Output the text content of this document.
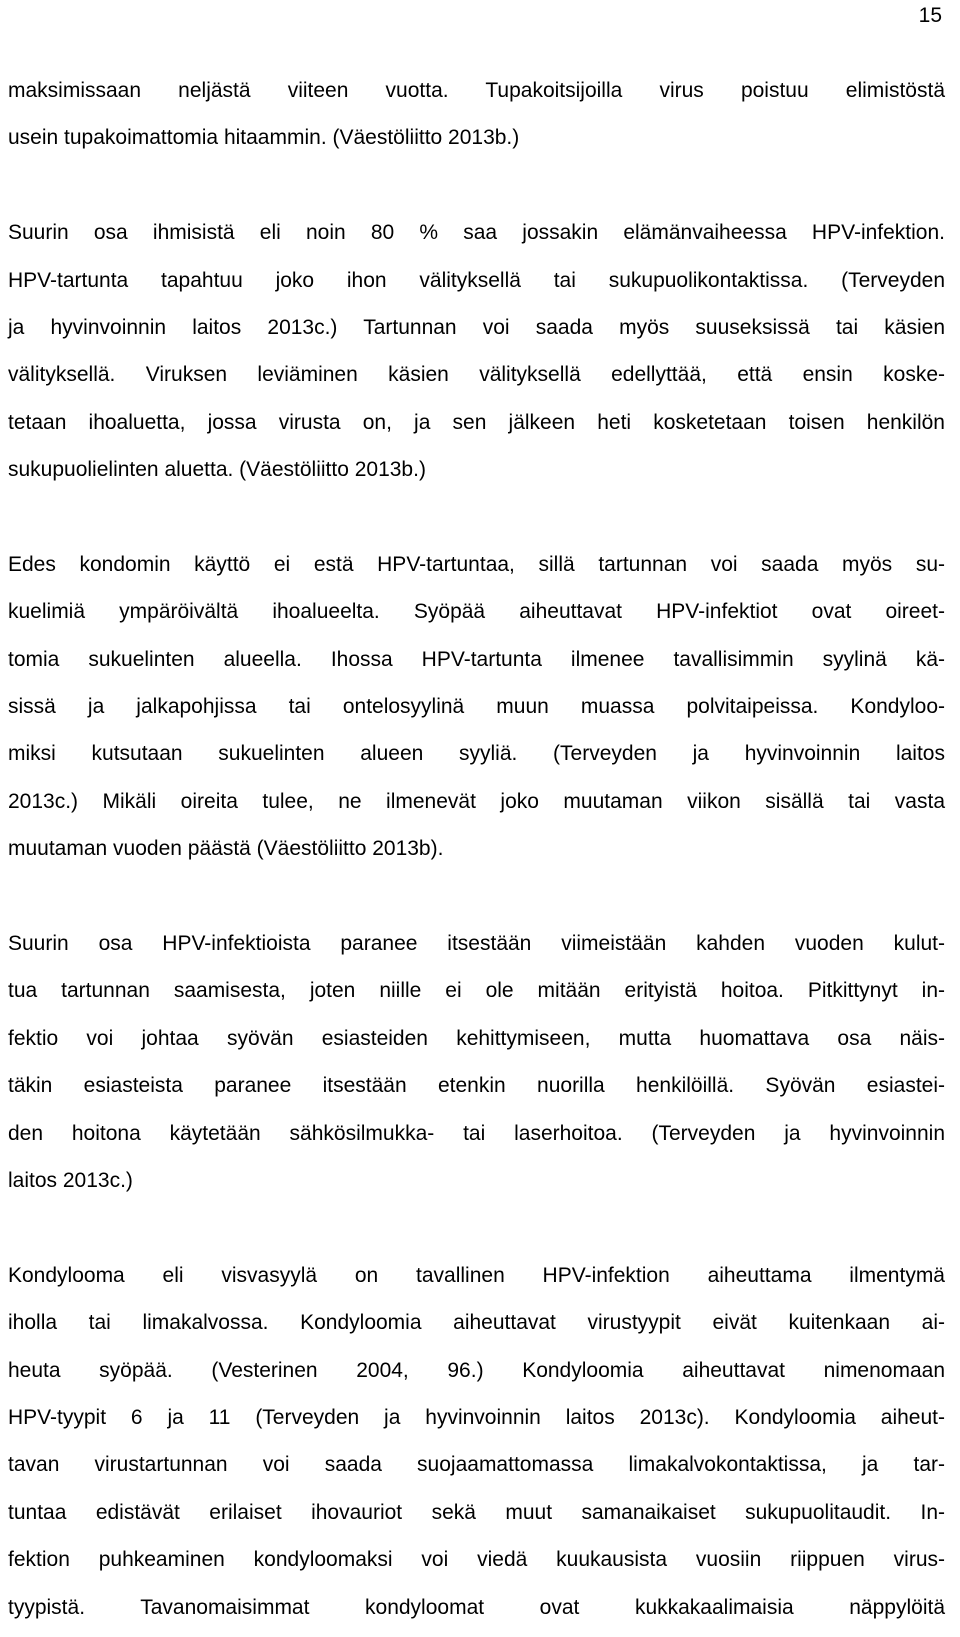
15
maksimissaan neljästä viiteen vuotta. Tupakoitsijoilla virus poistuu elimistöstä
usein tupakoimattomia hitaammin. (Väestöliitto 2013b.)
Suurin osa ihmisistä eli noin 80 % saa jossakin elämänvaiheessa HPV-infektion.
HPV-tartunta tapahtuu joko ihon välityksellä tai sukupuolikontaktissa. (Terveyden
ja hyvinvoinnin laitos 2013c.) Tartunnan voi saada myös suuseksissä tai käsien
välityksellä. Viruksen leviäminen käsien välityksellä edellyttää, että ensin koske-
tetaan ihoaluetta, jossa virusta on, ja sen jälkeen heti kosketetaan toisen henkilön
sukupuolielinten aluetta. (Väestöliitto 2013b.)
Edes kondomin käyttö ei estä HPV-tartuntaa, sillä tartunnan voi saada myös su-
kuelimiä ympäröivältä ihoalueelta. Syöpää aiheuttavat HPV-infektiot ovat oireet-
tomia sukuelinten alueella. Ihossa HPV-tartunta ilmenee tavallisimmin syylinä kä-
sissä ja jalkapohjissa tai ontelosyylinä muun muassa polvitaipeissa. Kondyloo-
miksi kutsutaan sukuelinten alueen syyliä. (Terveyden ja hyvinvoinnin laitos
2013c.) Mikäli oireita tulee, ne ilmenevät joko muutaman viikon sisällä tai vasta
muutaman vuoden päästä (Väestöliitto 2013b).
Suurin osa HPV-infektioista paranee itsestään viimeistään kahden vuoden kulut-
tua tartunnan saamisesta, joten niille ei ole mitään erityistä hoitoa. Pitkittynyt in-
fektio voi johtaa syövän esiasteiden kehittymiseen, mutta huomattava osa näis-
täkin esiasteista paranee itsestään etenkin nuorilla henkilöillä. Syövän esiastei-
den hoitona käytetään sähkösilmukka- tai laserhoitoa. (Terveyden ja hyvinvoinnin
laitos 2013c.)
Kondylooma eli visvasyylä on tavallinen HPV-infektion aiheuttama ilmentymä
iholla tai limakalvossa. Kondyloomia aiheuttavat virustyypit eivät kuitenkaan ai-
heuta syöpää. (Vesterinen 2004, 96.) Kondyloomia aiheuttavat nimenomaan
HPV-tyypit 6 ja 11 (Terveyden ja hyvinvoinnin laitos 2013c). Kondyloomia aiheut-
tavan virustartunnan voi saada suojaamattomassa limakalvokontaktissa, ja tar-
tuntaa edistävät erilaiset ihovauriot sekä muut samanaikaiset sukupuolitaudit. In-
fektion puhkeaminen kondyloomaksi voi viedä kuukausista vuosiin riippuen virus-
tyypistä. Tavanomaisimmat kondyloomat ovat kukkakaalimaisia näppylöitä
